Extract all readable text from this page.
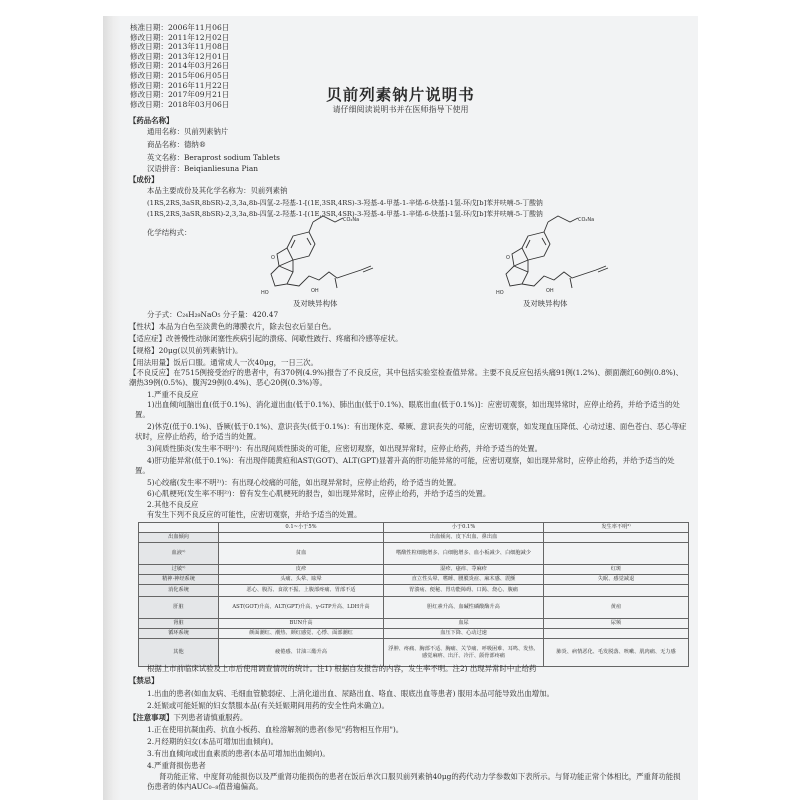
核准日期：2006年11月06日
修改日期：2011年12月02日
修改日期：2013年11月08日
修改日期：2013年12月01日
修改日期：2014年03月26日
修改日期：2015年06月05日
修改日期：2016年11月22日
修改日期：2017年09月21日
修改日期：2018年03月06日
贝前列素钠片说明书
请仔细阅读说明书并在医师指导下使用
【药品名称】
通用名称：贝前列素钠片
商品名称：德纳®
英文名称：Beraprost sodium Tablets
汉语拼音：Beiqianliesuna Pian
【成份】
本品主要成份及其化学名称为：贝前列素钠
(1RS,2RS,3aSR,8bSR)-2,3,3a,8b-四氢-2-羟基-1-[(1E,3SR,4RS)-3-羟基-4-甲基-1-辛烯-6-炔基]-1氢-环戊[b]苯并呋喃-5-丁酸钠
(1RS,2RS,3aSR,8bSR)-2,3,3a,8b-四氢-2-羟基-1-[(1E,3SR,4SR)-3-羟基-4-甲基-1-辛烯-6-炔基]-1氢-环戊[b]苯并呋喃-5-丁酸钠
化学结构式：
CO₂Na
O
HO	OH
及对映异构体
CO₂Na
O
HO	OH
及对映异构体
分子式：C₂₄H₂₉NaO₅ 分子量：420.47
【性状】本品为白色至淡黄色的薄膜衣片，除去包衣后显白色。
【适应症】改善慢性动脉闭塞性疾病引起的溃疡、间歇性跛行、疼痛和冷感等症状。
【规格】20μg(以贝前列素钠计)。
【用法用量】饭后口服。通常成人一次40μg，一日三次。
【不良反应】在7515例接受治疗的患者中，有370例(4.9%)报告了不良反应，其中包括实验室检查值异常。主要不良反应包括头痛91例(1.2%)、颜面潮红60例(0.8%)、潮热39例(0.5%)、腹泻29例(0.4%)、恶心20例(0.3%)等。
1.严重不良反应
1)出血倾向[脑出血(低于0.1%)、消化道出血(低于0.1%)、肺出血(低于0.1%)、眼底出血(低于0.1%)]：应密切观察，如出现异常时，应停止给药，并给予适当的处置。
2)休克(低于0.1%)、昏厥(低于0.1%)、意识丧失(低于0.1%)：有出现休克、晕厥、意识丧失的可能，应密切观察，如发现血压降低、心动过速、面色苍白、恶心等症状时，应停止给药，给予适当的处置。
3)间质性肺炎(发生率不明²⁾)：有出现间质性肺炎的可能，应密切观察，如出现异常时，应停止给药，并给予适当的处置。
4)肝功能异常(低于0.1%)：有出现伴随黄疸和AST(GOT)、ALT(GPT)显著升高的肝功能异常的可能，应密切观察，如出现异常时，应停止给药，并给予适当的处置。
5)心绞痛(发生率不明²⁾)：有出现心绞痛的可能，如出现异常时，应停止给药，给予适当的处置。
6)心肌梗死(发生率不明²⁾)：曾有发生心肌梗死的报告，如出现异常时，应停止给药，并给予适当的处置。
2.其他不良反应
有发生下列不良反应的可能性，应密切观察，并给予适当的处置。
	0.1~小于5%	小于0.1%	发生率不明²⁾
出血倾向		出血倾向、皮下出血、鼻出血	
血液¹⁾	贫血	嗜酸性粒细胞增多、白细胞增多、血小板减少、白细胞减少	
过敏¹⁾	皮疹	湿疹、瘙痒、荨麻疹	红斑
精神·神经系统	头痛、头晕、眩晕	直立性头晕、嗜睡、腰膜炎症、麻木感、震颤	失眠、感觉减退
消化系统	恶心、腹泻、食欲不振、上腹部疼痛、胃部不适	胃溃疡、便秘、胃功能障碍、口渴、烧心、腹痛	
肝脏	AST(GOT)升高、ALT(GPT)升高、γ-GTP升高、LDH升高	胆红素升高、血碱性磷酸酶升高	黄疸
肾脏	BUN升高	血尿	尿频
循环系统	颜面潮红、潮热、颜红感觉、心悸、面部潮红	血压下降、心动过速	
其他	疲倦感、甘油三酯升高	浮肿、疼痛、胸部不适、胸痛、关节痛、呼吸困难、耳鸣、发热、感觉麻痹、出汗、冷汗、颌骨部疼痛	肺炎、病情恶化、毛发脱落、咳嗽、肌肉痛、无力感
根据上市前临床试验及上市后使用调查情况的统计。注1) 根据自发报告的内容，发生率不明。注2) 出现异常时中止给药
【禁忌】
1.出血的患者(如血友病、毛细血管脆弱症、上消化道出血、尿路出血、咯血、眼底出血等患者) 服用本品可能导致出血增加。
2.妊娠或可能妊娠的妇女禁服本品(有关妊娠期间用药的安全性尚未确立)。
【注意事项】下列患者请慎重服药。
1.正在使用抗凝血药、抗血小板药、血栓溶解剂的患者(参见"药物相互作用")。
2.月经期的妇女(本品可增加出血倾向)。
3.有出血倾向或出血素质的患者(本品可增加出血倾向)。
4.严重肾损伤患者
肾功能正常、中度肾功能损伤以及严重肾功能损伤的患者在饭后单次口服贝前列素钠40μg的药代动力学参数如下表所示。与肾功能正常个体相比，严重肾功能损伤患者的体内AUC₀₋₈值普遍偏高。
